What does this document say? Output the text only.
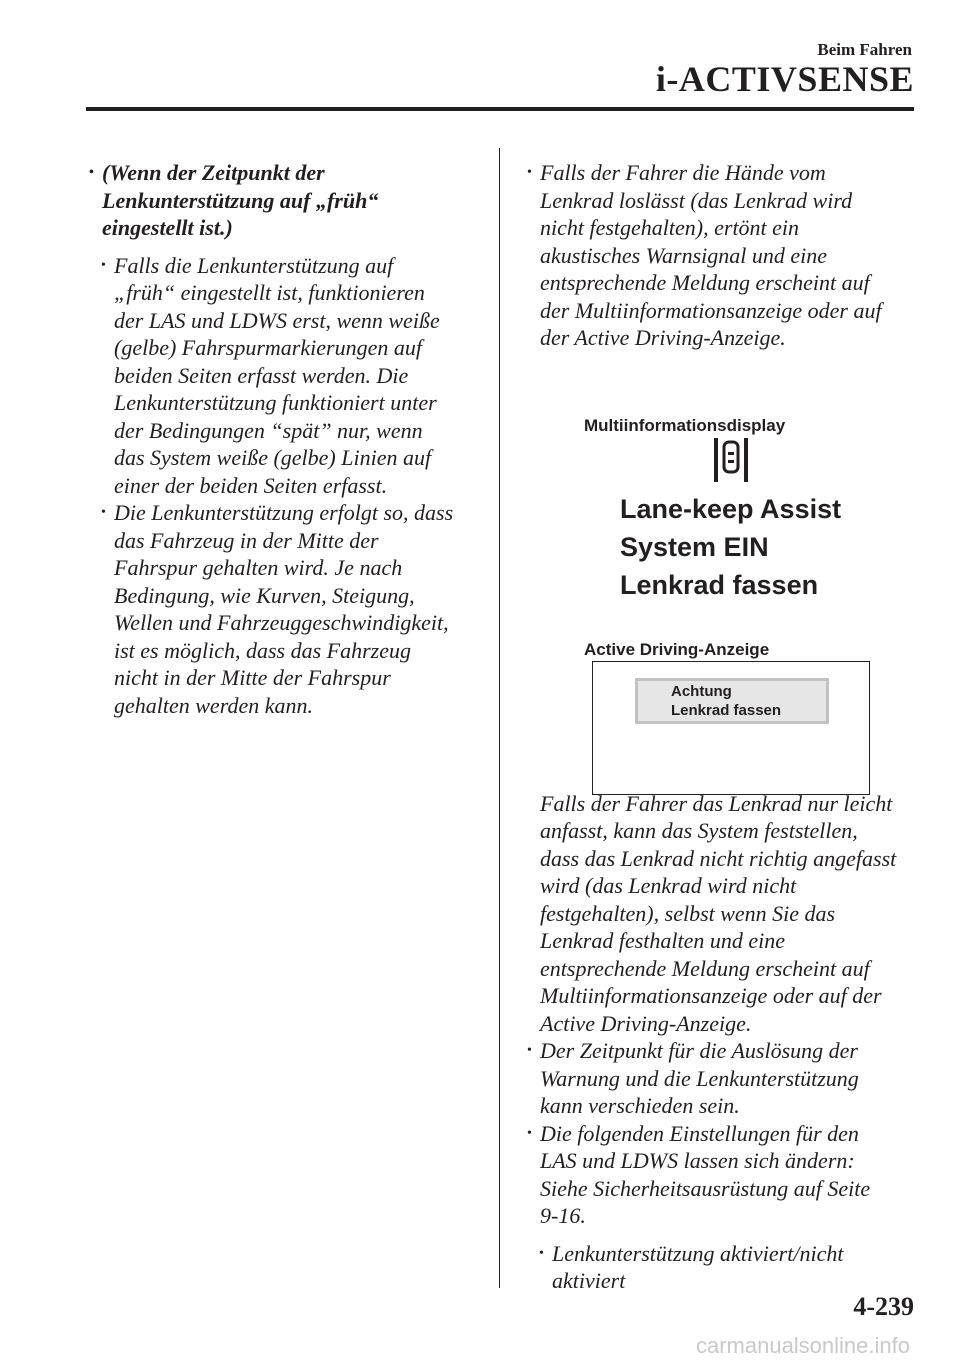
Beim Fahren
i-ACTIVSENSE
• (Wenn der Zeitpunkt der
Lenkunterstützung auf „früh“
eingestellt ist.)
• Falls die Lenkunterstützung auf
„früh“ eingestellt ist, funktionieren
der LAS und LDWS erst, wenn weiße
(gelbe) Fahrspurmarkierungen auf
beiden Seiten erfasst werden. Die
Lenkunterstützung funktioniert unter
der Bedingungen “spät” nur, wenn
das System weiße (gelbe) Linien auf
einer der beiden Seiten erfasst.
• Die Lenkunterstützung erfolgt so, dass
das Fahrzeug in der Mitte der
Fahrspur gehalten wird. Je nach
Bedingung, wie Kurven, Steigung,
Wellen und Fahrzeuggeschwindigkeit,
ist es möglich, dass das Fahrzeug
nicht in der Mitte der Fahrspur
gehalten werden kann.
• Falls der Fahrer die Hände vom
Lenkrad loslässt (das Lenkrad wird
nicht festgehalten), ertönt ein
akustisches Warnsignal und eine
entsprechende Meldung erscheint auf
der Multiinformationsanzeige oder auf
der Active Driving-Anzeige.
Multiinformationsdisplay
Lane-keep Assist
System EIN
Lenkrad fassen
Active Driving-Anzeige
Achtung
Lenkrad fassen
Falls der Fahrer das Lenkrad nur leicht
anfasst, kann das System feststellen,
dass das Lenkrad nicht richtig angefasst
wird (das Lenkrad wird nicht
festgehalten), selbst wenn Sie das
Lenkrad festhalten und eine
entsprechende Meldung erscheint auf
Multiinformationsanzeige oder auf der
Active Driving-Anzeige.
• Der Zeitpunkt für die Auslösung der
Warnung und die Lenkunterstützung
kann verschieden sein.
• Die folgenden Einstellungen für den
LAS und LDWS lassen sich ändern:
Siehe Sicherheitsausrüstung auf Seite
9-16.
• Lenkunterstützung aktiviert/nicht
aktiviert
4-239
carmanualsonline.info
